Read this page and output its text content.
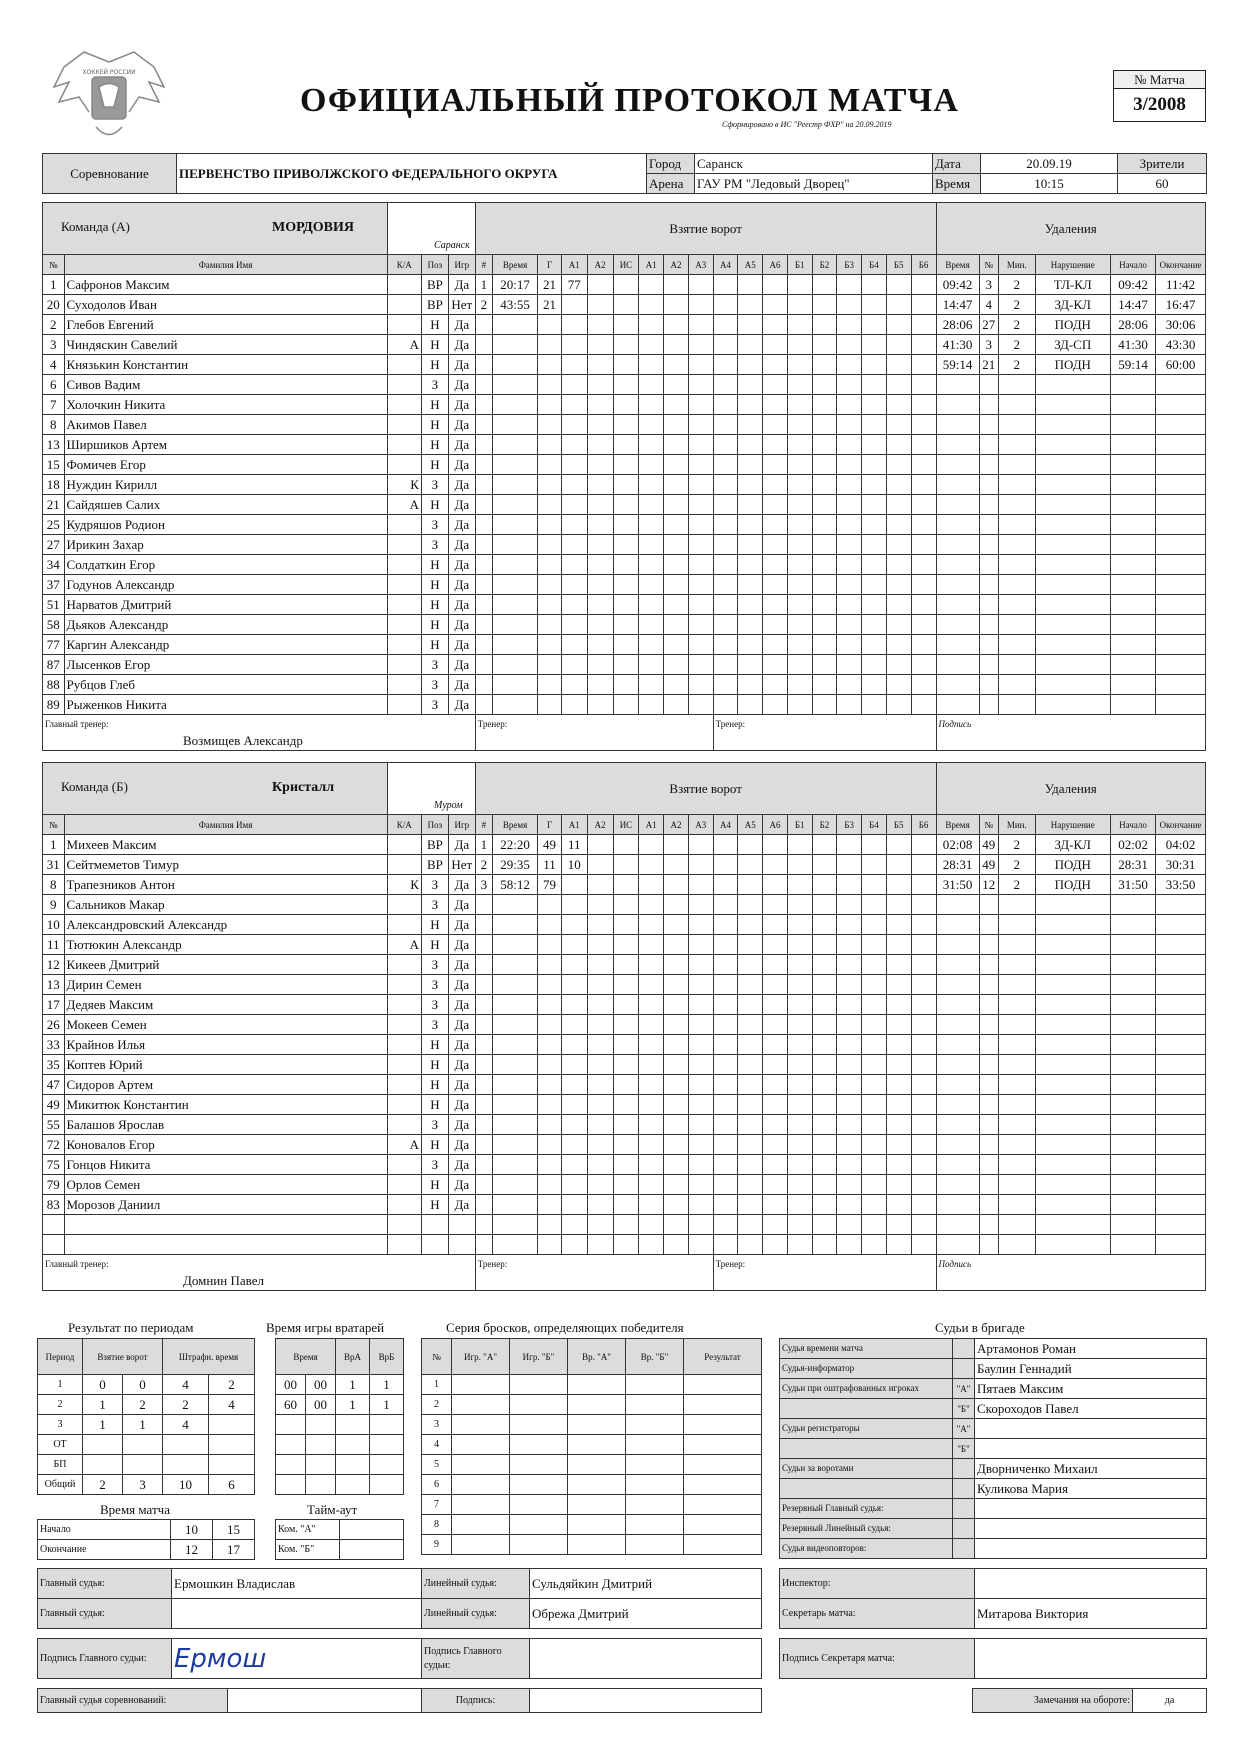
ХОККЕЙ РОССИИ
ОФИЦИАЛЬНЫЙ ПРОТОКОЛ МАТЧА
Сформировано в ИС "Реестр ФХР" на 20.09.2019
№ Матча
3/2008
Соревнование	ПЕРВЕНСТВО ПРИВОЛЖСКОГО ФЕДЕРАЛЬНОГО ОКРУГА	Город	Саранск	Дата	20.09.19	Зрители
		Арена	ГАУ РМ "Ледовый Дворец"	Время	10:15	60
Команда (А)					Взятие ворот																		Удаления					
№	Фамилия Имя	К/А	Поз	Игр	#	Время	Г	А1	А2	ИС	А1	А2	А3	А4	А5	А6	Б1	Б2	Б3	Б4	Б5	Б6	Время	№	Мин.	Нарушение	Начало	Окончание
1	Сафронов Максим		ВР	Да	1	20:17	21	77															09:42	3	2	ТЛ-КЛ	09:42	11:42
20	Суходолов Иван		ВР	Нет	2	43:55	21																14:47	4	2	ЗД-КЛ	14:47	16:47
2	Глебов Евгений		Н	Да																			28:06	27	2	ПОДН	28:06	30:06
3	Чиндяскин Савелий	А	Н	Да																			41:30	3	2	ЗД-СП	41:30	43:30
4	Князькин Константин		Н	Да																			59:14	21	2	ПОДН	59:14	60:00
6	Сивов Вадим		З	Да																								
7	Холочкин Никита		Н	Да																								
8	Акимов Павел		Н	Да																								
13	Ширшиков Артем		Н	Да																								
15	Фомичев Егор		Н	Да																								
18	Нуждин Кирилл	К	З	Да																								
21	Сайдяшев Салих	А	Н	Да																								
25	Кудряшов Родион		З	Да																								
27	Ирикин Захар		З	Да																								
34	Солдаткин Егор		Н	Да																								
37	Годунов Александр		Н	Да																								
51	Нарватов Дмитрий		Н	Да																								
58	Дьяков Александр		Н	Да																								
77	Каргин Александр		Н	Да																								
87	Лысенков Егор		З	Да																								
88	Рубцов Глеб		З	Да																								
89	Рыженков Никита		З	Да																								

Главный тренер:
Возмищев Александр					Тренер:									Тренер:									Подпись					
МОРДОВИЯ
Саранск
Команда (Б)					Взятие ворот																		Удаления					
№	Фамилия Имя	К/А	Поз	Игр	#	Время	Г	А1	А2	ИС	А1	А2	А3	А4	А5	А6	Б1	Б2	Б3	Б4	Б5	Б6	Время	№	Мин.	Нарушение	Начало	Окончание
1	Михеев Максим		ВР	Да	1	22:20	49	11															02:08	49	2	ЗД-КЛ	02:02	04:02
31	Сейтмеметов Тимур		ВР	Нет	2	29:35	11	10															28:31	49	2	ПОДН	28:31	30:31
8	Трапезников Антон	К	З	Да	3	58:12	79																31:50	12	2	ПОДН	31:50	33:50
9	Сальников Макар		З	Да																								
10	Александровский Александр		Н	Да																								
11	Тютюкин Александр	А	Н	Да																								
12	Кикеев Дмитрий		З	Да																								
13	Дирин Семен		З	Да																								
17	Дедяев Максим		З	Да																								
26	Мокеев Семен		З	Да																								
33	Крайнов Илья		Н	Да																								
35	Коптев Юрий		Н	Да																								
47	Сидоров Артем		Н	Да																								
49	Микитюк Константин		Н	Да																								
55	Балашов Ярослав		З	Да																								
72	Коновалов Егор	А	Н	Да																								
75	Гонцов Никита		З	Да																								
79	Орлов Семен		Н	Да																								
83	Морозов Даниил		Н	Да																								

Главный тренер:
Домнин Павел					Тренер:									Тренер:									Подпись					
Кристалл
Муром
Результат по периодам
Период	Взятие ворот		Штрафн. время	
1	0	0	4	2
2	1	2	2	4
3	1	1	4	
ОТ				
БП				
Общий	2	3	10	6
Время игры вратарей
Время		ВрА	ВрБ
00	00	1	1
60	00	1	1

Время матча
Начало	10	15
Окончание	12	17
Тайм-аут
Ком. "А"	
Ком. "Б"	
Серия бросков, определяющих победителя
№	Игр. "А"	Игр. "Б"	Вр. "А"	Вр. "Б"	Результат
1					
2					
3					
4					
5					
6					
7					
8					
9					
Судьи в бригаде
Судья времени матча		Артамонов Роман
Судья-информатор		Баулин Геннадий
Судьи при оштрафованных игроках	"А"	Пятаев Максим
	"Б"	Скороходов Павел
Судьи регистраторы	"А"	
	"Б"	
Судьи за воротами		Дворниченко Михаил
		Куликова Мария
Резервный Главный судья:		
Резервный Линейный судья:		
Судья видеоповторов:		
Главный судья:	Ермошкин Владислав	Линейный судья:	Сульдяйкин Дмитрий
Главный судья:		Линейный судья:	Обрежа Дмитрий
Инспектор:	
Секретарь матча:	Митарова Виктория
Подпись Главного судьи:	Ермош	Подпись Главного судьи:	
Подпись Секретаря матча:	
Главный судья соревнований:		Подпись:		Замечания на обороте:	да
